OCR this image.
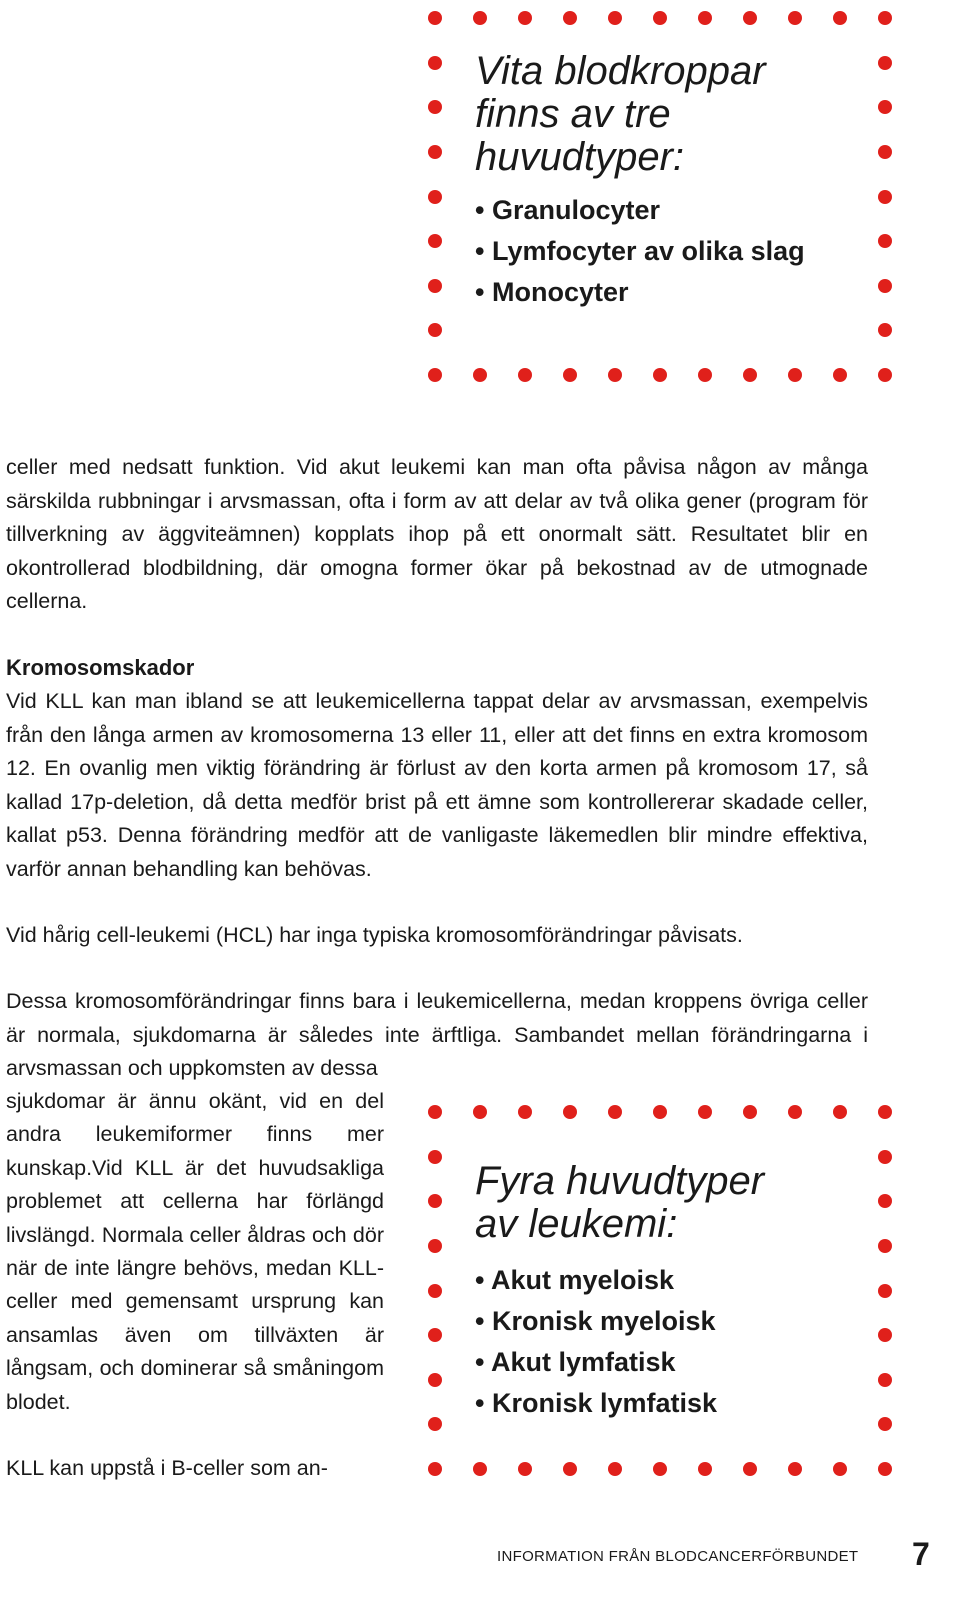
Vita blodkroppar
finns av tre
huvudtyper:
• Granulocyter
• Lymfocyter av olika slag
• Monocyter

celler med nedsatt funktion. Vid akut leukemi kan man ofta påvisa någon av många särskilda rubbningar i arvsmassan, ofta i form av att delar av två olika gener (program för tillverkning av äggviteämnen) kopplats ihop på ett onormalt sätt. Resultatet blir en okontrollerad blodbildning, där omogna former ökar på bekostnad av de utmognade cellerna.

Kromosomskador

Vid KLL kan man ibland se att leukemicellerna tappat delar av arvsmassan, exempelvis från den långa armen av kromosomerna 13 eller 11, eller att det finns en extra kromosom 12. En ovanlig men viktig förändring är förlust av den korta armen på kromosom 17, så kallad 17p-deletion, då detta medför brist på ett ämne som kontrollererar skadade celler, kallat p53. Denna förändring medför att de vanligaste läkemedlen blir mindre effektiva, varför annan behandling kan behövas.

Vid hårig cell-leukemi (HCL) har inga typiska kromosomförändringar påvisats.

Dessa kromosomförändringar finns bara i leukemicellerna, medan kroppens övriga celler är normala, sjukdomarna är således inte ärftliga. Sambandet mellan förändringarna i arvsmassan och uppkomsten av dessa

sjukdomar är ännu okänt, vid en del andra leukemiformer finns mer kunskap.Vid KLL är det huvudsakliga problemet att cellerna har förlängd livslängd. Normala celler åldras och dör när de inte längre behövs, medan KLL-celler med gemensamt ursprung kan ansamlas även om tillväxten är långsam, och dominerar så småningom blodet.

KLL kan uppstå i B-celler som an-

Fyra huvudtyper
av leukemi:
• Akut myeloisk
• Kronisk myeloisk
• Akut lymfatisk
• Kronisk lymfatisk
INFORMATION FRÅN BLODCANCERFÖRBUNDET 7
